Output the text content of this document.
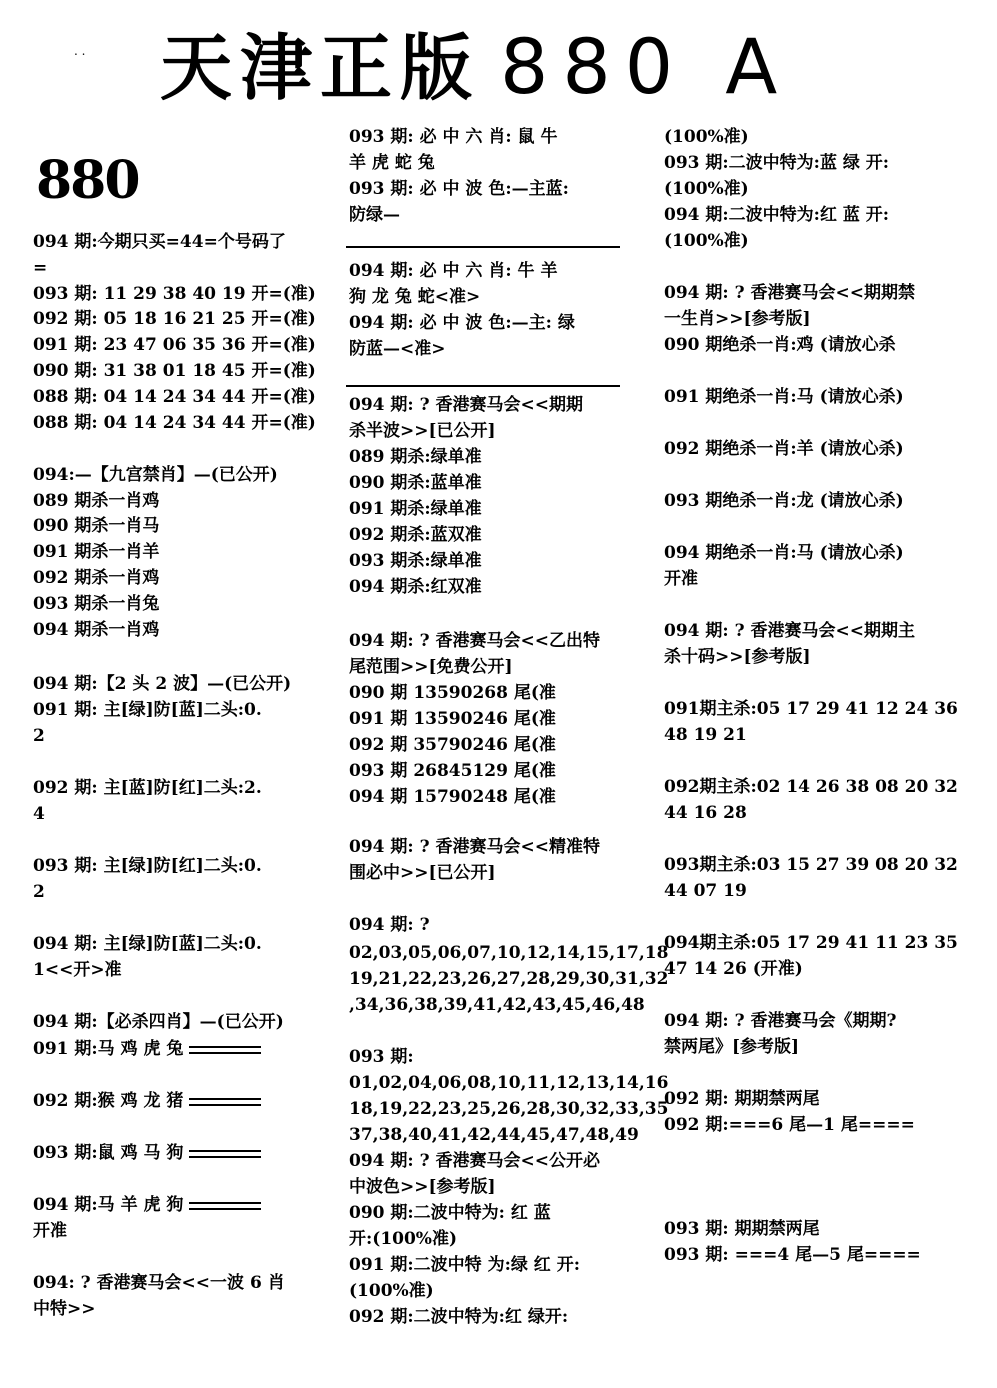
. . 天津正版 880 A
880
094 期:今期只买=44=个号码了
=
093 期: 11 29 38 40 19 开=(准)
092 期: 05 18 16 21 25 开=(准)
091 期: 23 47 06 35 36 开=(准)
090 期: 31 38 01 18 45 开=(准)
088 期: 04 14 24 34 44 开=(准)
088 期: 04 14 24 34 44 开=(准)
094:—【九宫禁肖】—(已公开)
089 期杀一肖鸡
090 期杀一肖马
091 期杀一肖羊
092 期杀一肖鸡
093 期杀一肖兔
094 期杀一肖鸡
094 期:【2 头 2 波】—(已公开)
091 期: 主[绿]防[蓝]二头:0.
2
092 期: 主[蓝]防[红]二头:2.
4
093 期: 主[绿]防[红]二头:0.
2
094 期: 主[绿]防[蓝]二头:0.
1<<开>准
094 期:【必杀四肖】—(已公开)
091 期:马 鸡 虎 兔
092 期:猴 鸡 龙 猪
093 期:鼠 鸡 马 狗
094 期:马 羊 虎 狗
开准
094: ? 香港赛马会<<一波 6 肖
中特>>
093 期: 必 中 六 肖: 鼠 牛
羊 虎 蛇 兔
093 期: 必 中 波 色:—主蓝:
防绿—
094 期: 必 中 六 肖: 牛 羊
狗 龙 兔 蛇<准>
094 期: 必 中 波 色:—主: 绿
防蓝—<准>
094 期: ? 香港赛马会<<期期
杀半波>>[已公开]
089 期杀:绿单准
090 期杀:蓝单准
091 期杀:绿单准
092 期杀:蓝双准
093 期杀:绿单准
094 期杀:红双准
094 期: ? 香港赛马会<<乙出特
尾范围>>[免费公开]
090 期 13590268 尾(准
091 期 13590246 尾(准
092 期 35790246 尾(准
093 期 26845129 尾(准
094 期 15790248 尾(准
094 期: ? 香港赛马会<<精准特
围必中>>[已公开]
094 期: ?
02,03,05,06,07,10,12,14,15,17,18
19,21,22,23,26,27,28,29,30,31,32
,34,36,38,39,41,42,43,45,46,48
093 期:
01,02,04,06,08,10,11,12,13,14,16
18,19,22,23,25,26,28,30,32,33,35
37,38,40,41,42,44,45,47,48,49
094 期: ? 香港赛马会<<公开必
中波色>>[参考版]
090 期:二波中特为: 红 蓝
开:(100%准)
091 期:二波中特 为:绿 红 开:
(100%准)
092 期:二波中特为:红 绿开:
(100%准)
093 期:二波中特为:蓝 绿 开:
(100%准)
094 期:二波中特为:红 蓝 开:
(100%准)
094 期: ? 香港赛马会<<期期禁
一生肖>>[参考版]
090 期绝杀一肖:鸡 (请放心杀
091 期绝杀一肖:马 (请放心杀)
092 期绝杀一肖:羊 (请放心杀)
093 期绝杀一肖:龙 (请放心杀)
094 期绝杀一肖:马 (请放心杀)
开准
094 期: ? 香港赛马会<<期期主
杀十码>>[参考版]
091期主杀:05 17 29 41 12 24 36
48 19 21
092期主杀:02 14 26 38 08 20 32
44 16 28
093期主杀:03 15 27 39 08 20 32
44 07 19
094期主杀:05 17 29 41 11 23 35
47 14 26 (开准)
094 期: ? 香港赛马会《期期?
禁两尾》[参考版]
092 期: 期期禁两尾
092 期:===6 尾—1 尾====
093 期: 期期禁两尾
093 期: ===4 尾—5 尾====
